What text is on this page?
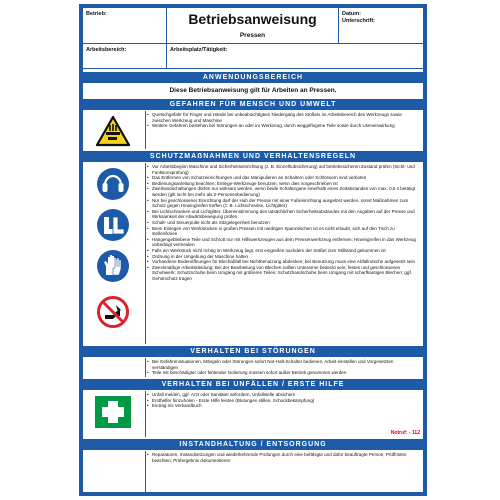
Betrieb:	Betriebsanweisung
Pressen
Datum:
Unterschrift:
Arbeitsbereich:	Arbeitsplatz/Tätigkeit:
ANWENDUNGSBEREICH
Diese Betriebsanweisung gilt für Arbeiten an Pressen.
GEFAHREN FÜR MENSCH UND UMWELT
• Quetschgefahr für Finger und Hände bei unbeabsichtigtem Niedergang des Stößels im Arbeitsbereich des Werkzeugs sowie zwischen Werkzeug und Maschine
• Weitere Gefahren bestehen bei Störungen an oder im Werkzeug, durch weggeflogene Teile sowie durch Lärmeinwirkung
SCHUTZMAẞNAHMEN UND VERHALTENSREGELN
• Vor Arbeitsbeginn Maschine und Sicherheitseinrichtung (z. B. Einzelhubsicherung) auf betriebssicheren Zustand prüfen (Sicht- und Funktionsprüfung)
• Das Entfernen von Schutzeinrichtungen und das Manipulieren an Schaltern oder Schlössern sind verboten
• Bedienungsanleitung beachten; Einlege-Werkzeuge benutzen, wenn dies vorgeschrieben ist
• Zweihandschaltungen dürfen nur wirksam werden, wenn beide Schaltorgane innerhalb eines Zeitabstandes von max. 0,5 s betätigt werden (gilt nicht bei mehr als 2-Personenbedienung)
• Nur bei geschlossener Einrichtung darf der Hub der Presse mit einer Fußeinrichtung ausgelöst werden, sonst Maßnahmen zum Schutz gegen Hineingreifen treffen (z. B. Lichtschranke, Lichtgitter)
• Bei Lichtschranken und Lichtgitter: Übereinstimmung des tatsächlichen Sicherheitsabstandes mit den Angaben auf der Presse und Wirksamkeit der Abwärtsbewegung prüfen
• Schalt- und Steuerpulte nicht als Sitzgelegenheit benutzen
• Beim Einlegen von Werkstücken in großen Pressen mit niedrigen Spanntischen ist es nicht erlaubt, sich auf den Tisch zu stellen/knien
• Hängengebliebene Teile und Schrott nur mit Hilfswerkzeugen aus dem Pressenwerkzeug entfernen; Hineingreifen in das Werkzeug unbedingt vermeiden
• Falls ein Werkstück nicht richtig im Werkzeug liegt, erst eingreifen nachdem der Stößel zum Stillstand gekommen ist
• Ordnung in der Umgebung der Maschine halten
• Vorhandene Bodenöffnungen für Blechabfall bei Nichtbenutzung abdecken; bei Benutzung muss eine Abfallrutsche aufgesetzt sein
• Zweckmäßige Arbeitskleidung: Bei der Bearbeitung von Blechen sollten Unterarme bedeckt sein; festes und geschlossenes Schuhwerk; Schutzschuhe beim Umgang mit größeren Teilen; Schutzhandschuhe beim Umgang mit scharfkantigen Blechen; ggf. Gehörschutz tragen
VERHALTEN BEI STÖRUNGEN
• Bei Gefahrensituationen, Mängeln oder Störungen sofort Not-Halt-Schalter bedienen, Arbeit einstellen und Vorgesetzten verständigen
• Teile mit beschädigter oder fehlender Isolierung müssen sofort außer Betrieb genommen werden
VERHALTEN BEI UNFÄLLEN / ERSTE HILFE
• Unfall melden, ggf. Arzt oder Sanitäter anfordern, Unfallstelle absichern
• Ersthelfer hinzuholen - Erste Hilfe leisten (Blutungen stillen, Schockbekämpfung)
• Eintrag ins Verbandbuch
Notruf: - 112
INSTANDHALTUNG / ENTSORGUNG
• Reparaturen, Instandsetzungen und wiederkehrende Prüfungen durch eine befähigte und dafür beauftragte Person; Prüffristen beachten; Prüfergebnis dokumentieren
